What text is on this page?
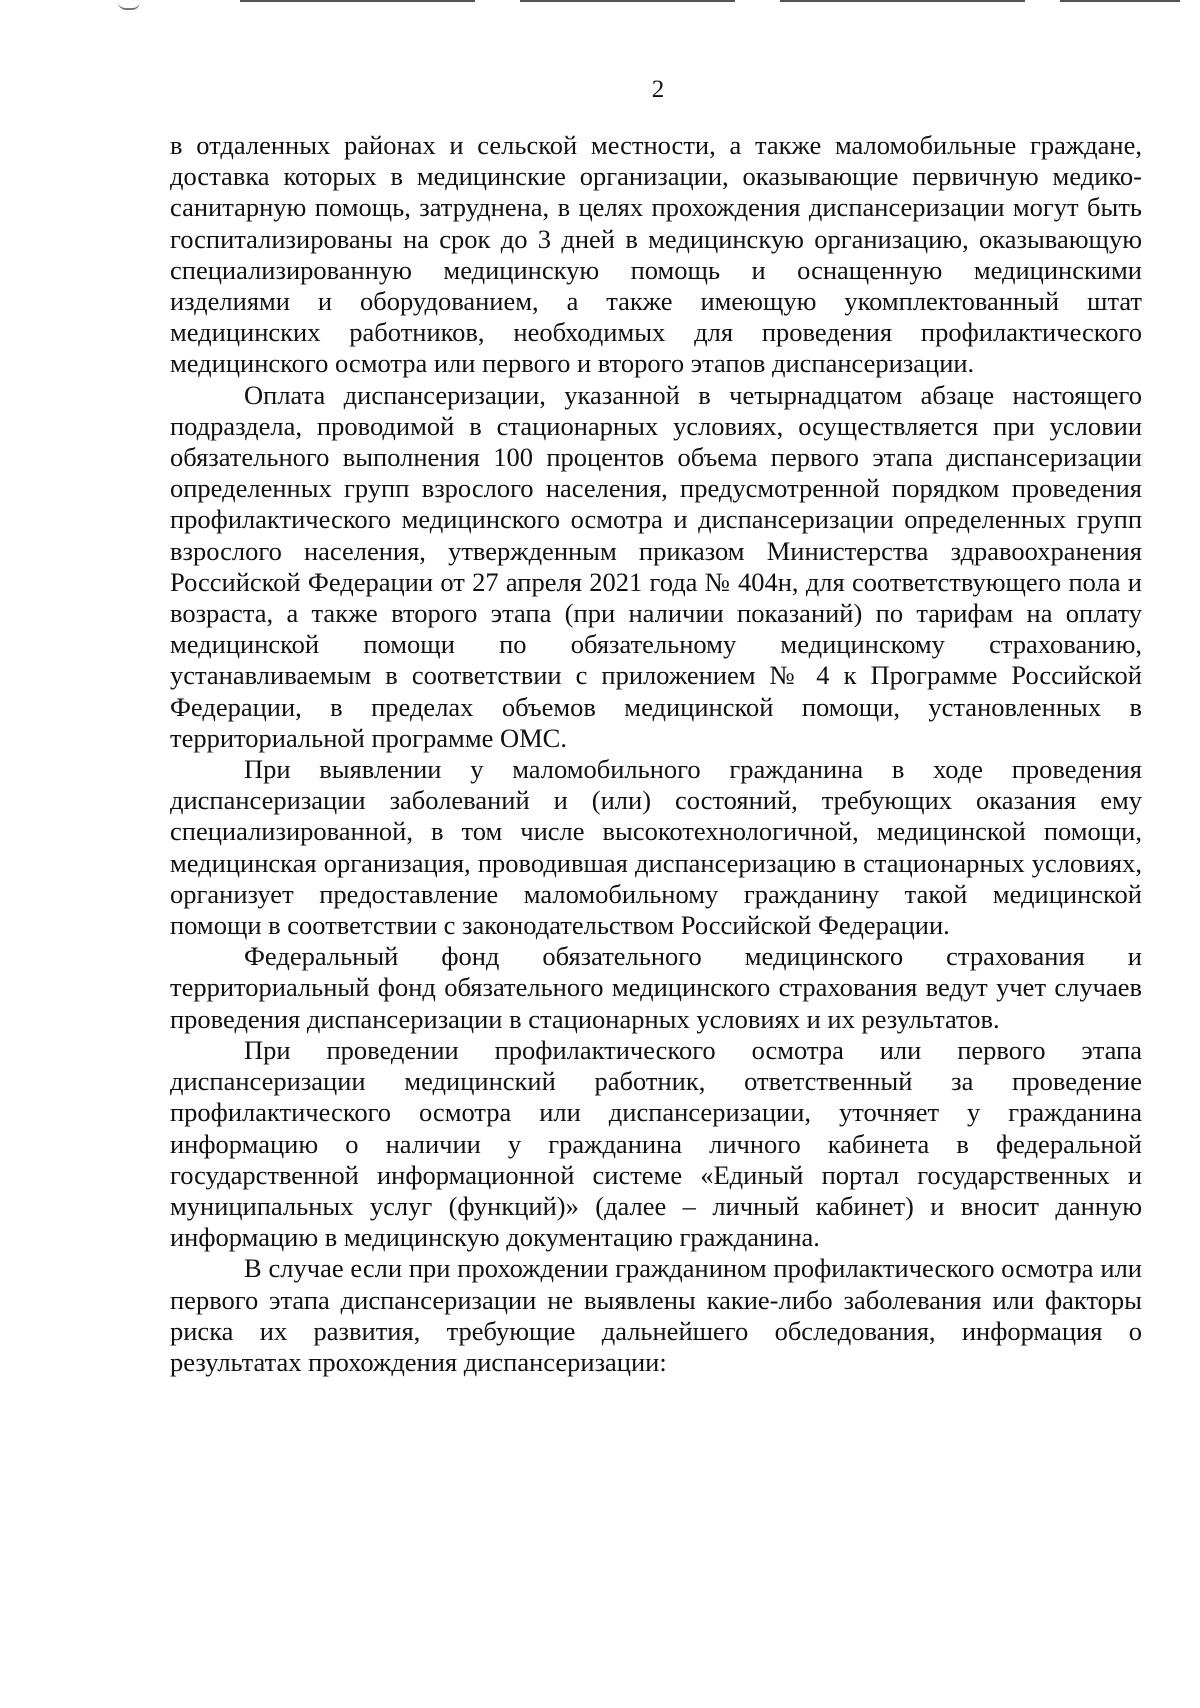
2

в отдаленных районах и сельской местности, а также маломобильные граждане, доставка которых в медицинские организации, оказывающие первичную медико-санитарную помощь, затруднена, в целях прохождения диспансеризации могут быть госпитализированы на срок до 3 дней в медицинскую организацию, оказывающую специализированную медицинскую помощь и оснащенную медицинскими изделиями и оборудованием, а также имеющую укомплектованный штат медицинских работников, необходимых для проведения профилактического медицинского осмотра или первого и второго этапов диспансеризации.

Оплата диспансеризации, указанной в четырнадцатом абзаце настоящего подраздела, проводимой в стационарных условиях, осуществляется при условии обязательного выполнения 100 процентов объема первого этапа диспансеризации определенных групп взрослого населения, предусмотренной порядком проведения профилактического медицинского осмотра и диспансеризации определенных групп взрослого населения, утвержденным приказом Министерства здравоохранения Российской Федерации от 27 апреля 2021 года № 404н, для соответствующего пола и возраста, а также второго этапа (при наличии показаний) по тарифам на оплату медицинской помощи по обязательному медицинскому страхованию, устанавливаемым в соответствии с приложением № 4 к Программе Российской Федерации, в пределах объемов медицинской помощи, установленных в территориальной программе ОМС.

При выявлении у маломобильного гражданина в ходе проведения диспансеризации заболеваний и (или) состояний, требующих оказания ему специализированной, в том числе высокотехнологичной, медицинской помощи, медицинская организация, проводившая диспансеризацию в стационарных условиях, организует предоставление маломобильному гражданину такой медицинской помощи в соответствии с законодательством Российской Федерации.

Федеральный фонд обязательного медицинского страхования и территориальный фонд обязательного медицинского страхования ведут учет случаев проведения диспансеризации в стационарных условиях и их результатов.

При проведении профилактического осмотра или первого этапа диспансеризации медицинский работник, ответственный за проведение профилактического осмотра или диспансеризации, уточняет у гражданина информацию о наличии у гражданина личного кабинета в федеральной государственной информационной системе «Единый портал государственных и муниципальных услуг (функций)» (далее – личный кабинет) и вносит данную информацию в медицинскую документацию гражданина.

В случае если при прохождении гражданином профилактического осмотра или первого этапа диспансеризации не выявлены какие-либо заболевания или факторы риска их развития, требующие дальнейшего обследования, информация о результатах прохождения диспансеризации:
